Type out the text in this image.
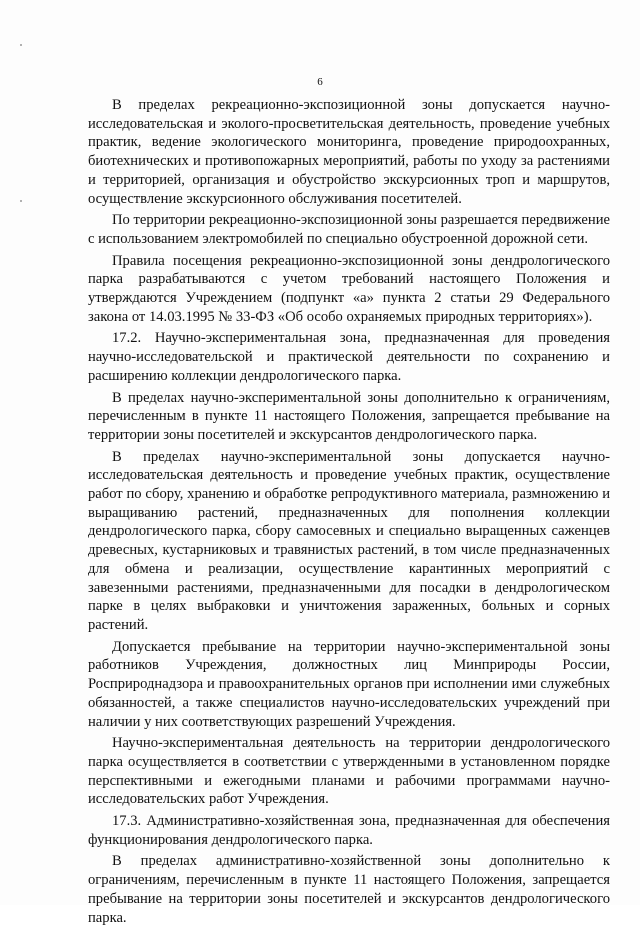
6

В пределах рекреационно-экспозиционной зоны допускается научно-исследовательская и эколого-просветительская деятельность, проведение учебных практик, ведение экологического мониторинга, проведение природоохранных, биотехнических и противопожарных мероприятий, работы по уходу за растениями и территорией, организация и обустройство экскурсионных троп и маршрутов, осуществление экскурсионного обслуживания посетителей.

По территории рекреационно-экспозиционной зоны разрешается передвижение с использованием электромобилей по специально обустроенной дорожной сети.

Правила посещения рекреационно-экспозиционной зоны дендрологического парка разрабатываются с учетом требований настоящего Положения и утверждаются Учреждением (подпункт «а» пункта 2 статьи 29 Федерального закона от 14.03.1995 № 33-ФЗ «Об особо охраняемых природных территориях»).

17.2. Научно-экспериментальная зона, предназначенная для проведения научно-исследовательской и практической деятельности по сохранению и расширению коллекции дендрологического парка.

В пределах научно-экспериментальной зоны дополнительно к ограничениям, перечисленным в пункте 11 настоящего Положения, запрещается пребывание на территории зоны посетителей и экскурсантов дендрологического парка.

В пределах научно-экспериментальной зоны допускается научно-исследовательская деятельность и проведение учебных практик, осуществление работ по сбору, хранению и обработке репродуктивного материала, размножению и выращиванию растений, предназначенных для пополнения коллекции дендрологического парка, сбору самосевных и специально выращенных саженцев древесных, кустарниковых и травянистых растений, в том числе предназначенных для обмена и реализации, осуществление карантинных мероприятий с завезенными растениями, предназначенными для посадки в дендрологическом парке в целях выбраковки и уничтожения зараженных, больных и сорных растений.

Допускается пребывание на территории научно-экспериментальной зоны работников Учреждения, должностных лиц Минприроды России, Росприроднадзора и правоохранительных органов при исполнении ими служебных обязанностей, а также специалистов научно-исследовательских учреждений при наличии у них соответствующих разрешений Учреждения.

Научно-экспериментальная деятельность на территории дендрологического парка осуществляется в соответствии с утвержденными в установленном порядке перспективными и ежегодными планами и рабочими программами научно-исследовательских работ Учреждения.

17.3. Административно-хозяйственная зона, предназначенная для обеспечения функционирования дендрологического парка.

В пределах административно-хозяйственной зоны дополнительно к ограничениям, перечисленным в пункте 11 настоящего Положения, запрещается пребывание на территории зоны посетителей и экскурсантов дендрологического парка.
